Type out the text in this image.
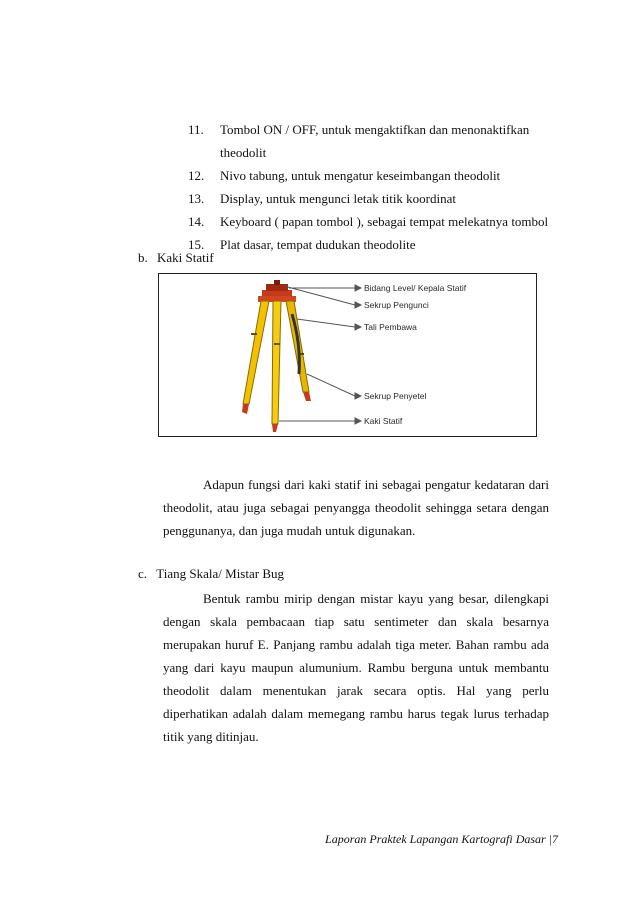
11.	Tombol ON / OFF, untuk mengaktifkan dan menonaktifkan
theodolit
12.	Nivo tabung, untuk mengatur keseimbangan theodolit
13.	Display, untuk mengunci letak titik koordinat
14.	Keyboard ( papan tombol ), sebagai tempat melekatnya tombol
15.	Plat dasar, tempat dudukan theodolite
b. Kaki Statif
Bidang Level/ Kepala Statif
Sekrup Pengunci
Tali Pembawa
Sekrup Penyetel
Kaki Statif
Adapun fungsi dari kaki statif ini sebagai pengatur kedataran dari
theodolit, atau juga sebagai penyangga theodolit sehingga setara dengan
penggunanya, dan juga mudah untuk digunakan.
c. Tiang Skala/ Mistar Bug
Bentuk rambu mirip dengan mistar kayu yang besar, dilengkapi
dengan skala pembacaan tiap satu sentimeter dan skala besarnya
merupakan huruf E. Panjang rambu adalah tiga meter. Bahan rambu ada
yang dari kayu maupun alumunium. Rambu berguna untuk membantu
theodolit dalam menentukan jarak secara optis. Hal yang perlu
diperhatikan adalah dalam memegang rambu harus tegak lurus terhadap
titik yang ditinjau.
Laporan Praktek Lapangan Kartografi Dasar |7
